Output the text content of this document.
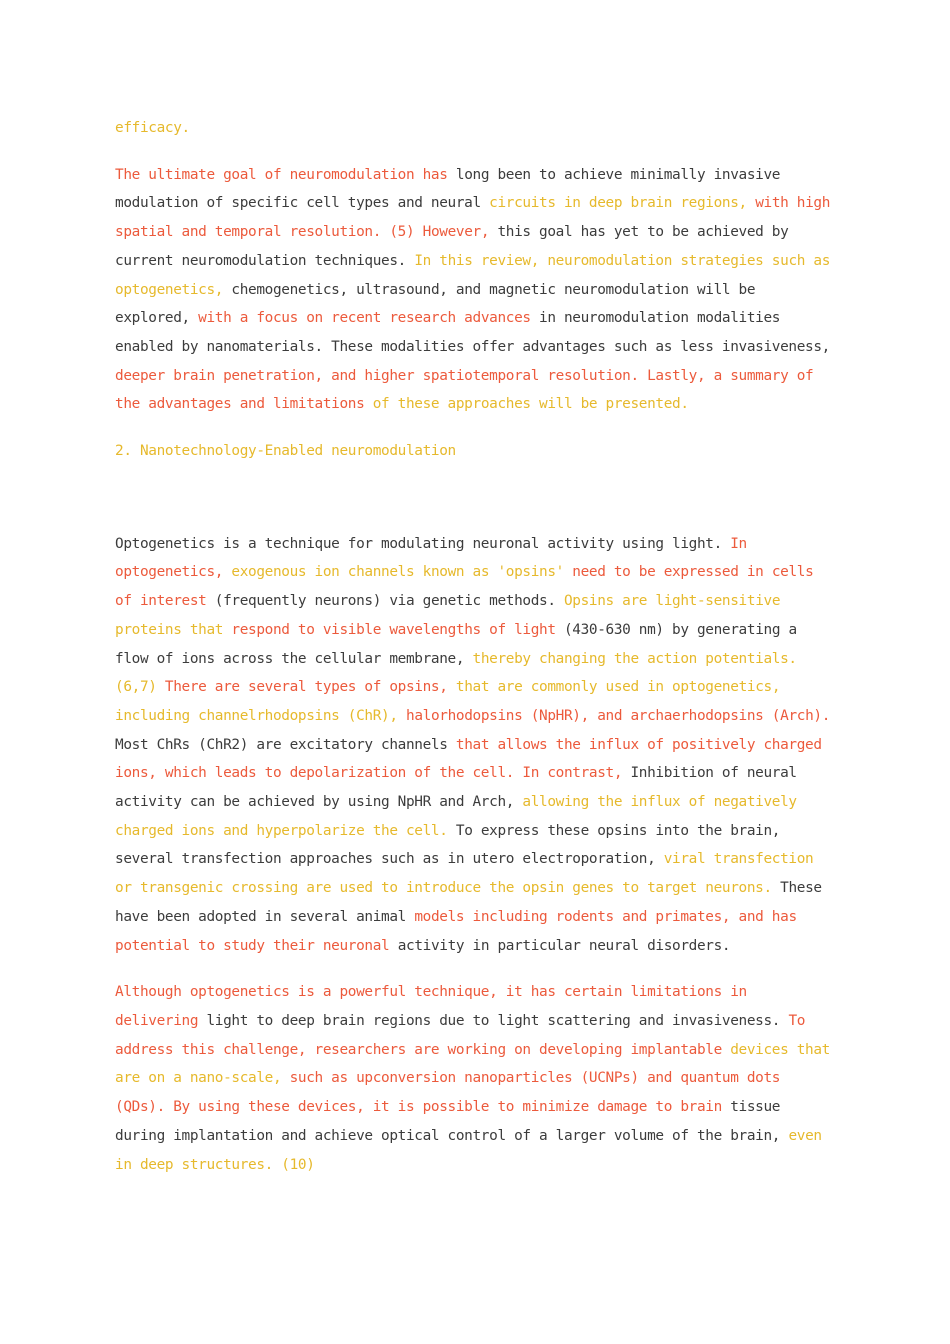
efficacy.

The ultimate goal of neuromodulation has long been to achieve minimally invasive modulation of specific cell types and neural circuits in deep brain regions, with high spatial and temporal resolution. (5) However, this goal has yet to be achieved by current neuromodulation techniques. In this review, neuromodulation strategies such as optogenetics, chemogenetics, ultrasound, and magnetic neuromodulation will be explored, with a focus on recent research advances in neuromodulation modalities enabled by nanomaterials. These modalities offer advantages such as less invasiveness, deeper brain penetration, and higher spatiotemporal resolution. Lastly, a summary of the advantages and limitations of these approaches will be presented.

2. Nanotechnology-Enabled neuromodulation

Optogenetics is a technique for modulating neuronal activity using light. In optogenetics, exogenous ion channels known as 'opsins' need to be expressed in cells of interest (frequently neurons) via genetic methods. Opsins are light-sensitive proteins that respond to visible wavelengths of light (430-630 nm) by generating a flow of ions across the cellular membrane, thereby changing the action potentials. (6,7) There are several types of opsins, that are commonly used in optogenetics, including channelrhodopsins (ChR), halorhodopsins (NpHR), and archaerhodopsins (Arch). Most ChRs (ChR2) are excitatory channels that allows the influx of positively charged ions, which leads to depolarization of the cell. In contrast, Inhibition of neural activity can be achieved by using NpHR and Arch, allowing the influx of negatively charged ions and hyperpolarize the cell. To express these opsins into the brain, several transfection approaches such as in utero electroporation, viral transfection or transgenic crossing are used to introduce the opsin genes to target neurons. These have been adopted in several animal models including rodents and primates, and has potential to study their neuronal activity in particular neural disorders.

Although optogenetics is a powerful technique, it has certain limitations in delivering light to deep brain regions due to light scattering and invasiveness. To address this challenge, researchers are working on developing implantable devices that are on a nano-scale, such as upconversion nanoparticles (UCNPs) and quantum dots (QDs). By using these devices, it is possible to minimize damage to brain tissue during implantation and achieve optical control of a larger volume of the brain, even in deep structures. (10)
